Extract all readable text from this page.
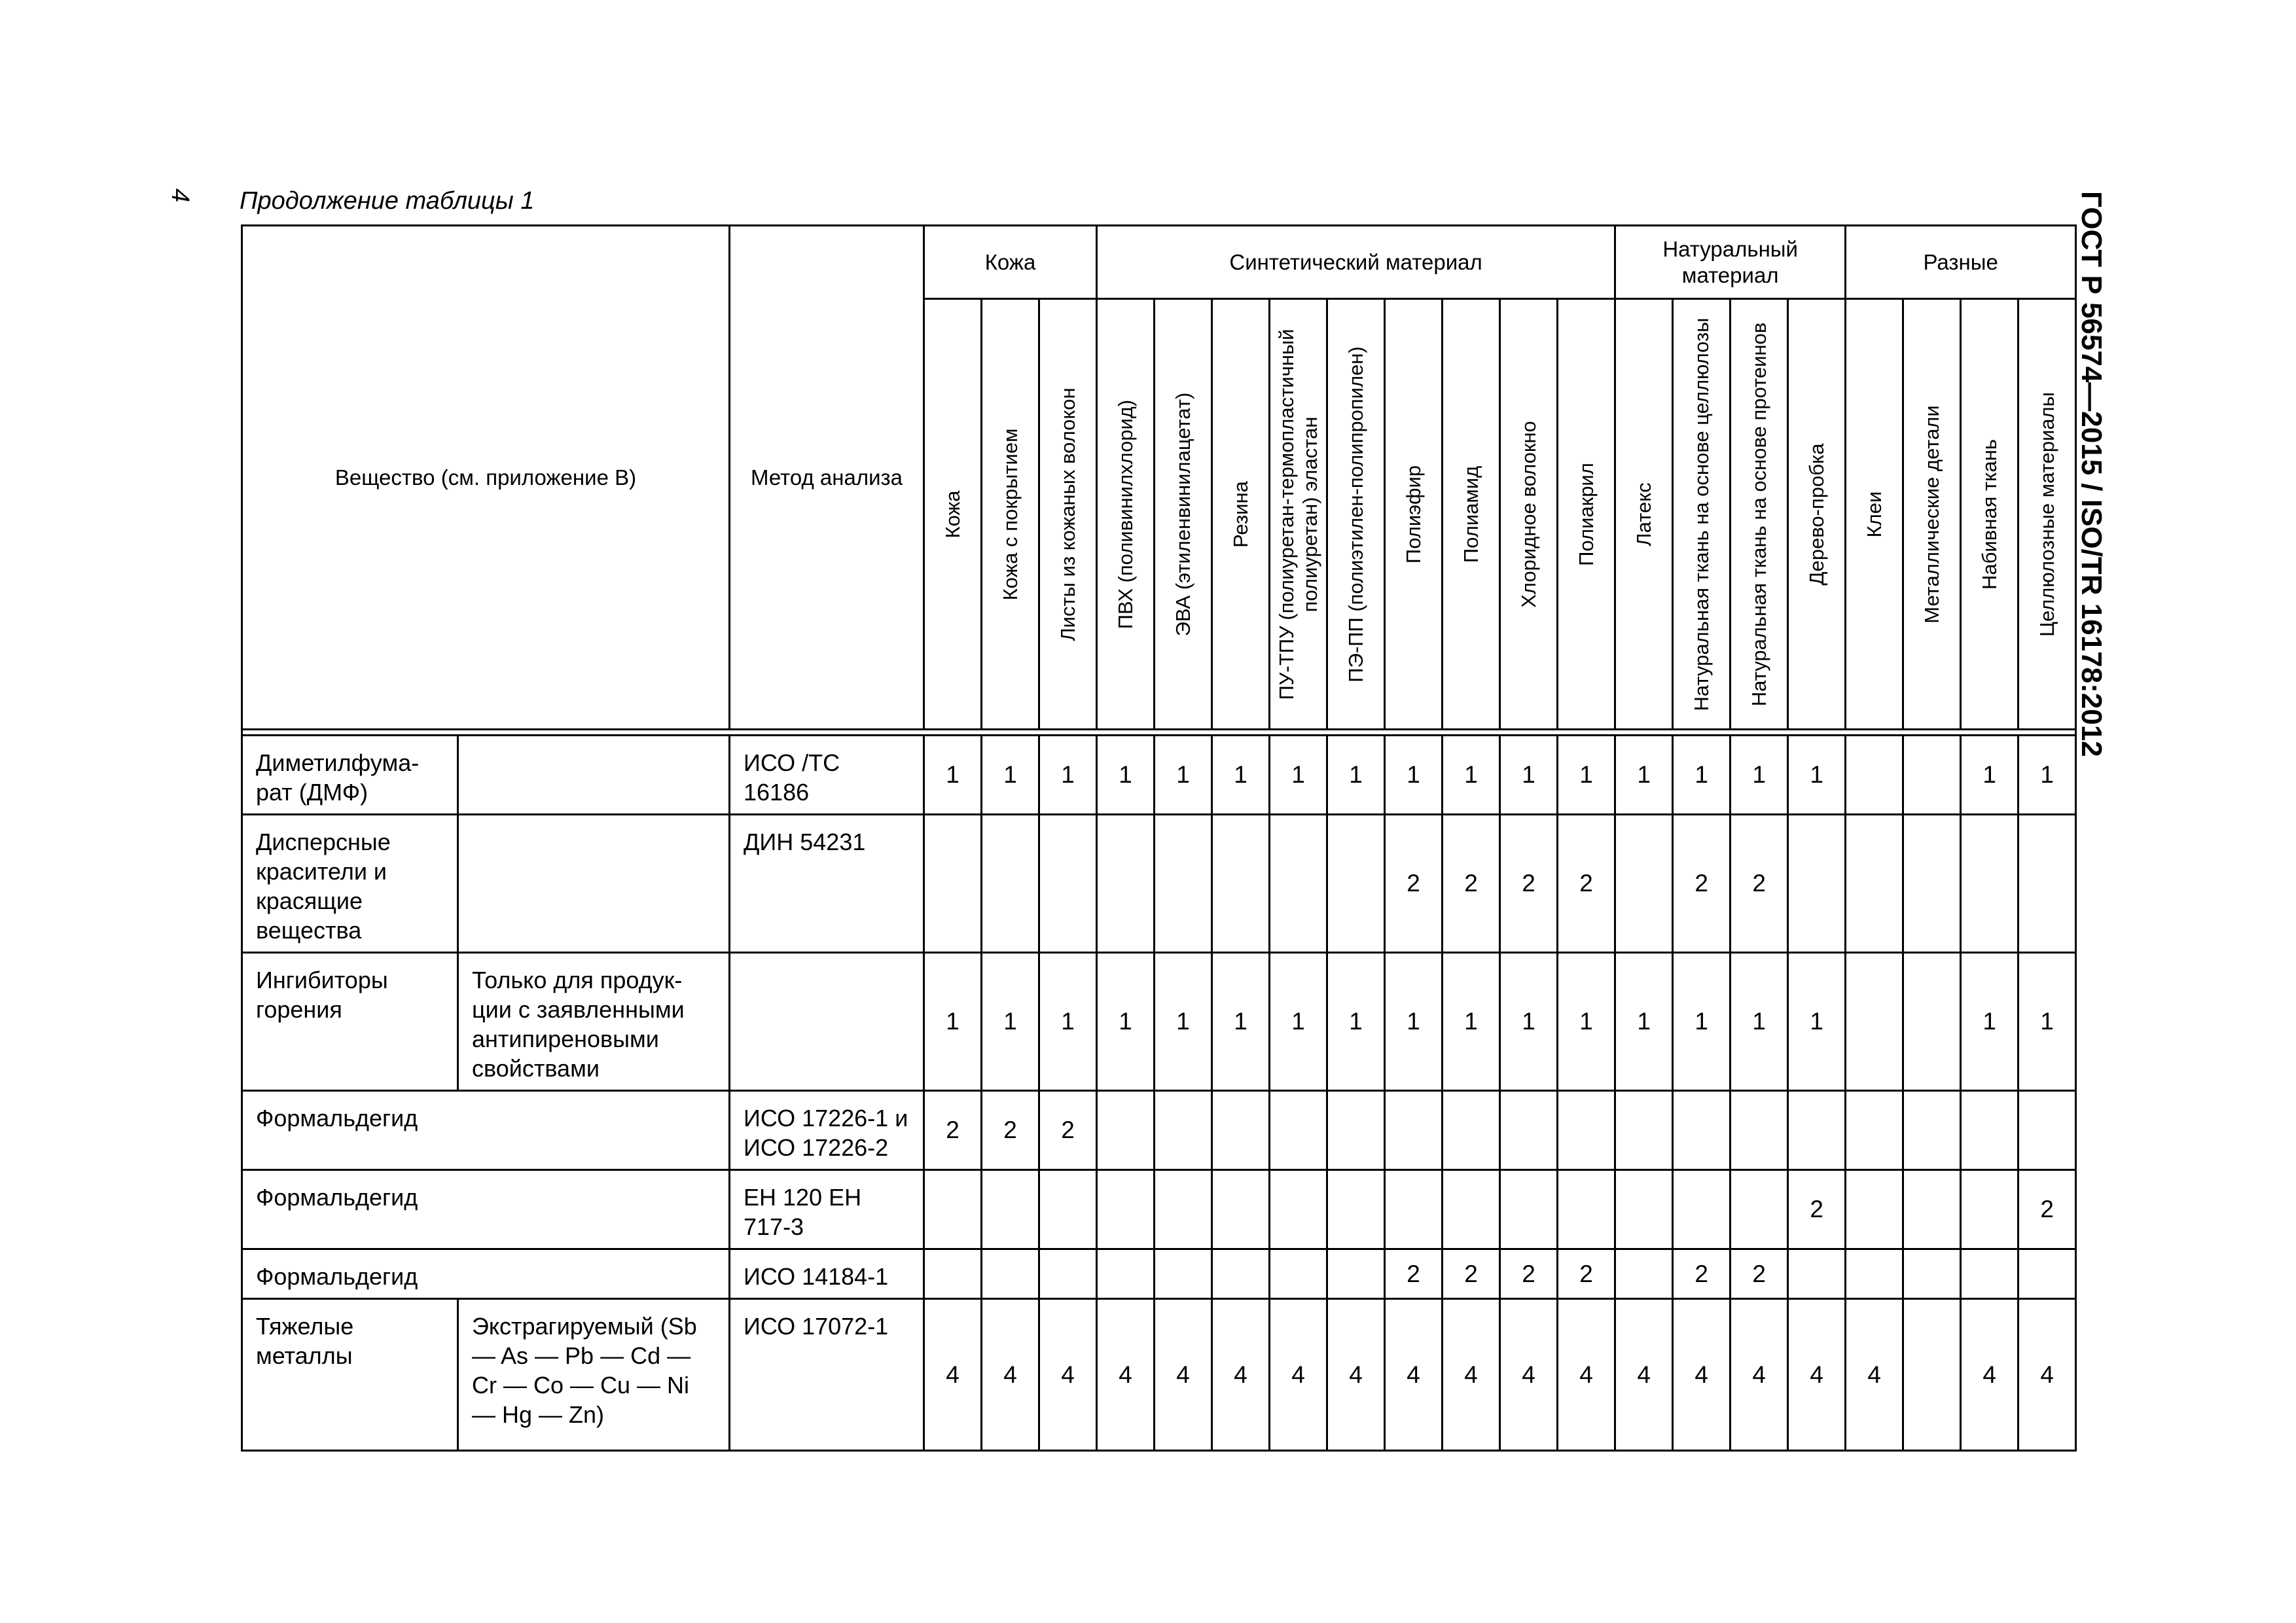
4 Продолжение таблицы 1	ГОСТ Р 56574—2015 / ISO/TR 16178:2012
Вещество (см. приложение В)		Метод анализа	Кожа			Синтетический материал									Натуральный материал				Разные			

			Кожа	Кожа с покрытием	Листы из кожаных волокон	ПВХ (поливинилхлорид)	ЭВА (этиленвинилацетат)	Резина	ПУ-ТПУ (полиуретан-термопластичный полиуретан) эластан	ПЭ-ПП (полиэтилен-полипропилен)	Полиэфир	Полиамид	Хлоридное волокно	Полиакрил	Латекс	Натуральная ткань на основе целлюлозы	Натуральная ткань на основе протеинов	Дерево-пробка	Клеи	Металлические детали	Набивная ткань	Целлюлозные материалы

Диметилфума-рат (ДМФ)		ИСО /ТС 16186	1	1	1	1	1	1	1	1	1	1	1	1	1	1	1	1			1	1
Дисперсные красители и красящие вещества		ДИН 54231									2	2	2	2		2	2					
Ингибиторы горения	Только для продук-ции с заявленными антипиреновыми свойствами		1	1	1	1	1	1	1	1	1	1	1	1	1	1	1	1			1	1
Формальдегид		ИСО 17226-1 и ИСО 17226-2	2	2	2																	
Формальдегид		ЕН 120 ЕН 717-3																2				2
Формальдегид		ИСО 14184-1									2	2	2	2		2	2					
Тяжелые металлы	Экстрагируемый (Sb — As — Pb — Cd — Cr — Co — Cu — Ni — Hg — Zn)	ИСО 17072-1	4	4	4	4	4	4	4	4	4	4	4	4	4	4	4	4	4		4	4
